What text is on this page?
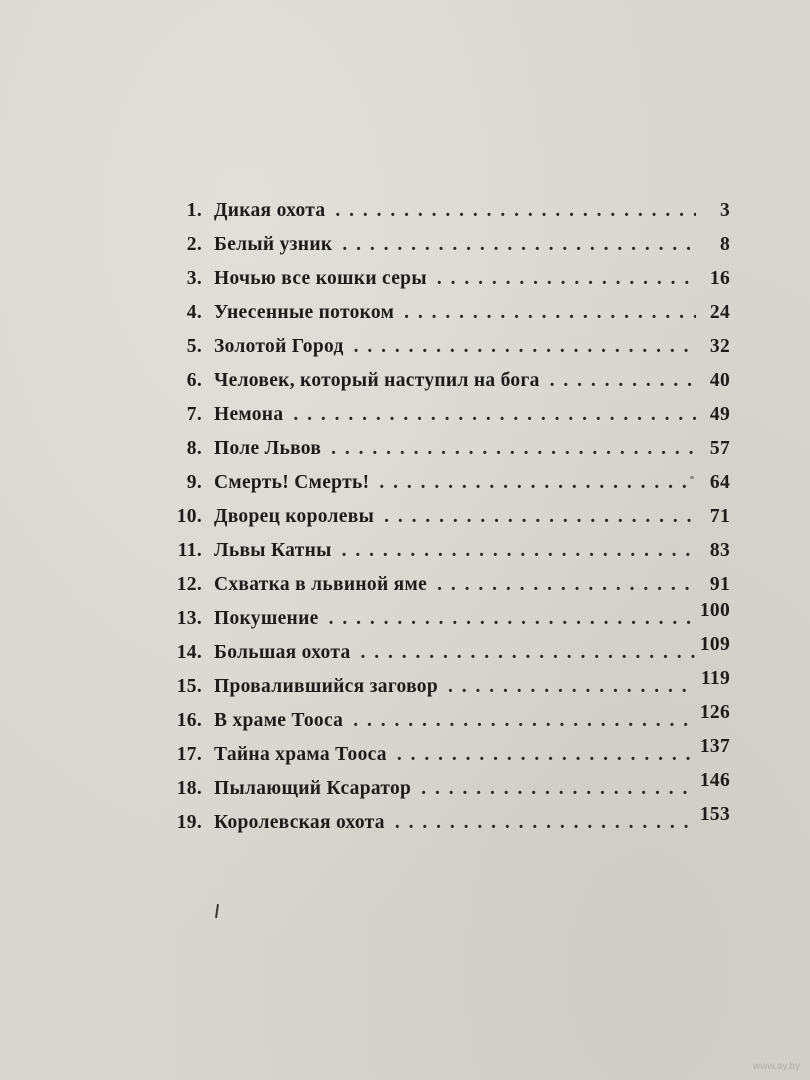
1. Дикая охота . . .	3
2. Белый узник . . .	8
3. Ночью все кошки серы . . .	16
4. Унесенные потоком . . .	24
5. Золотой Город . . .	32
6. Человек, который наступил на бога . . .	40
7. Немона . . .	49
8. Поле Львов . . .	57
9. Смерть! Смерть! . . .	64
10. Дворец королевы . . .	71
11. Львы Катны . . .	83
12. Схватка в львиной яме . . .	91
13. Покушение . . .	100
14. Большая охота . . .	109
15. Провалившийся заговор . . .	119
16. В храме Тооса . . .	126
17. Тайна храма Тооса . . .	137
18. Пылающий Ксаратор . . .	146
19. Королевская охота . . .	153
www.ay.by
